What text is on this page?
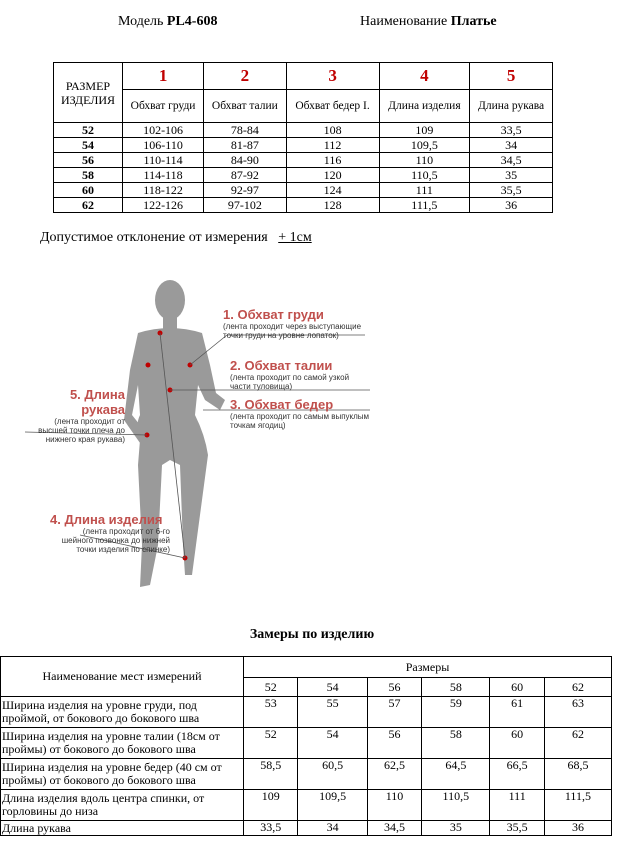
Модель PL4-608	Наименование Платье
РАЗМЕР ИЗДЕЛИЯ	1	2	3	4	5
	Обхват груди	Обхват талии	Обхват бедер I.	Длина изделия	Длина рукава
52	102-106	78-84	108	109	33,5
54	106-110	81-87	112	109,5	34
56	110-114	84-90	116	110	34,5
58	114-118	87-92	120	110,5	35
60	118-122	92-97	124	111	35,5
62	122-126	97-102	128	111,5	36
Допустимое отклонение от измерения + 1см
1. Обхват груди
(лента проходит через выступающие точки груди на уровне лопаток)
2. Обхват талии
(лента проходит по самой узкой части туловища)
3. Обхват бедер
(лента проходит по самым выпуклым точкам ягодиц)
4. Длина изделия
(лента проходит от 6-го шейного позвонка до нижней точки изделия по спинке)
5. Длина рукава
(лента проходит от высшей точки плеча до нижнего края рукава)
Замеры по изделию
Наименование мест измерений	Размеры					
	52	54	56	58	60	62
Ширина изделия на уровне груди, под проймой, от бокового до бокового шва	53	55	57	59	61	63
Ширина изделия на уровне талии (18см от проймы) от бокового до бокового шва	52	54	56	58	60	62
Ширина изделия на уровне бедер (40 см от проймы) от бокового до бокового шва	58,5	60,5	62,5	64,5	66,5	68,5
Длина изделия вдоль центра спинки, от горловины до низа	109	109,5	110	110,5	111	111,5
Длина рукава	33,5	34	34,5	35	35,5	36
